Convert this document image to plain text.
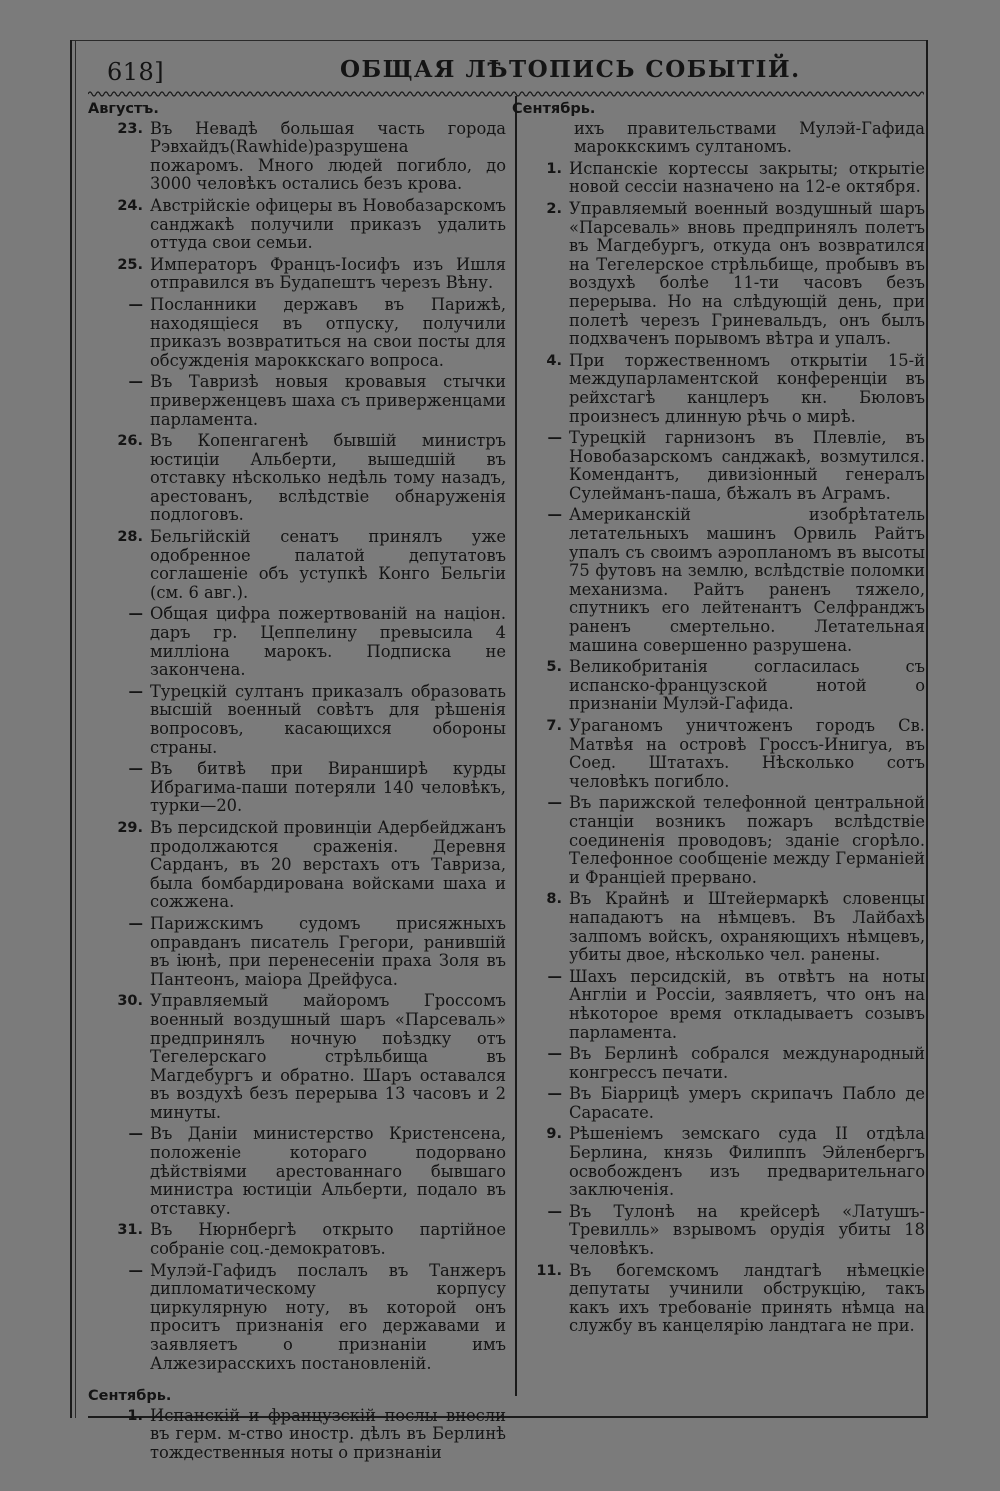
618]	ОБЩАЯ ЛѢТОПИСЬ СОБЫТІЙ.
Августъ.
23. Въ Невадѣ большая часть города Рэвхайдъ(Rawhide)разрушена пожаромъ. Много людей погибло, до 3000 человѣкъ остались безъ крова.
24. Австрійскіе офицеры въ Новобазарскомъ санджакѣ получили приказъ удалить оттуда свои семьи.
25. Императоръ Францъ-Іосифъ изъ Ишля отправился въ Будапештъ черезъ Вѣну.
— Посланники державъ въ Парижѣ, находящіеся въ отпуску, получили приказъ возвратиться на свои посты для обсужденія мароккскаго вопроса.
— Въ Тавризѣ новыя кровавыя стычки приверженцевъ шаха съ приверженцами парламента.
26. Въ Копенгагенѣ бывшій министръ юстиціи Альберти, вышедшій въ отставку нѣсколько недѣль тому назадъ, арестованъ, вслѣдствіе обнаруженія подлоговъ.
28. Бельгійскій сенатъ принялъ уже одобренное палатой депутатовъ соглашеніе объ уступкѣ Конго Бельгіи (см. 6 авг.).
— Общая цифра пожертвованій на націон. даръ гр. Цеппелину превысила 4 милліона марокъ. Подписка не закончена.
— Турецкій султанъ приказалъ образовать высшій военный совѣтъ для рѣшенія вопросовъ, касающихся обороны страны.
— Въ битвѣ при Виранширѣ курды Ибрагима-паши потеряли 140 человѣкъ, турки—20.
29. Въ персидской провинціи Адербейджанъ продолжаются сраженія. Деревня Сарданъ, въ 20 верстахъ отъ Тавриза, была бомбардирована войсками шаха и сожжена.
— Парижскимъ судомъ присяжныхъ оправданъ писатель Грегори, ранившій въ іюнѣ, при перенесеніи праха Золя въ Пантеонъ, маіора Дрейфуса.
30. Управляемый майоромъ Гроссомъ военный воздушный шаръ «Парсеваль» предпринялъ ночную поѣздку отъ Тегелерскаго стрѣльбища въ Магдебургъ и обратно. Шаръ оставался въ воздухѣ безъ перерыва 13 часовъ и 2 минуты.
— Въ Даніи министерство Кристенсена, положеніе котораго подорвано дѣйствіями арестованнаго бывшаго министра юстиціи Альберти, подало въ отставку.
31. Въ Нюрнбергѣ открыто партійное собраніе соц.-демократовъ.
— Мулэй-Гафидъ послалъ въ Танжеръ дипломатическому корпусу циркулярную ноту, въ которой онъ проситъ признанія его державами и заявляетъ о признаніи имъ Алжезирасскихъ постановленій.
Сентябрь.
1. Испанскій и французскій послы внесли въ герм. м-ство иностр. дѣлъ въ Берлинѣ тождественныя ноты о признаніи
Сентябрь.
ихъ правительствами Мулэй-Гафида мароккскимъ султаномъ.
1. Испанскіе кортессы закрыты; открытіе новой сессіи назначено на 12-е октября.
2. Управляемый военный воздушный шаръ «Парсеваль» вновь предпринялъ полетъ въ Магдебургъ, откуда онъ возвратился на Тегелерское стрѣльбище, пробывъ въ воздухѣ болѣе 11-ти часовъ безъ перерыва. Но на слѣдующій день, при полетѣ черезъ Гриневальдъ, онъ былъ подхваченъ порывомъ вѣтра и упалъ.
4. При торжественномъ открытіи 15-й междупарламентской конференціи въ рейхстагѣ канцлеръ кн. Бюловъ произнесъ длинную рѣчь о мирѣ.
— Турецкій гарнизонъ въ Плевліе, въ Новобазарскомъ санджакѣ, возмутился. Комендантъ, дивизіонный генералъ Сулейманъ-паша, бѣжалъ въ Аграмъ.
— Американскій изобрѣтатель летательныхъ машинъ Орвиль Райтъ упалъ съ своимъ аэропланомъ въ высоты 75 футовъ на землю, вслѣдствіе поломки механизма. Райтъ раненъ тяжело, спутникъ его лейтенантъ Селфранджъ раненъ смертельно. Летательная машина совершенно разрушена.
5. Великобританія согласилась съ испанско-французской нотой о признаніи Мулэй-Гафида.
7. Ураганомъ уничтоженъ городъ Св. Матвѣя на островѣ Гроссъ-Инигуа, въ Соед. Штатахъ. Нѣсколько сотъ человѣкъ погибло.
— Въ парижской телефонной центральной станціи возникъ пожаръ вслѣдствіе соединенія проводовъ; зданіе сгорѣло. Телефонное сообщеніе между Германіей и Франціей прервано.
8. Въ Крайнѣ и Штейермаркѣ словенцы нападаютъ на нѣмцевъ. Въ Лайбахѣ залпомъ войскъ, охраняющихъ нѣмцевъ, убиты двое, нѣсколько чел. ранены.
— Шахъ персидскій, въ отвѣтъ на ноты Англіи и Россіи, заявляетъ, что онъ на нѣкоторое время откладываетъ созывъ парламента.
— Въ Берлинѣ собрался международный конгрессъ печати.
— Въ Біаррицѣ умеръ скрипачъ Пабло де Сарасате.
9. Рѣшеніемъ земскаго суда II отдѣла Берлина, князь Филиппъ Эйленбергъ освобожденъ изъ предварительнаго заключенія.
— Въ Тулонѣ на крейсерѣ «Латушъ-Тревилль» взрывомъ орудія убиты 18 человѣкъ.
11. Въ богемскомъ ландтагѣ нѣмецкіе депутаты учинили обструкцію, такъ какъ ихъ требованіе принять нѣмца на службу въ канцелярію ландтага не при.
